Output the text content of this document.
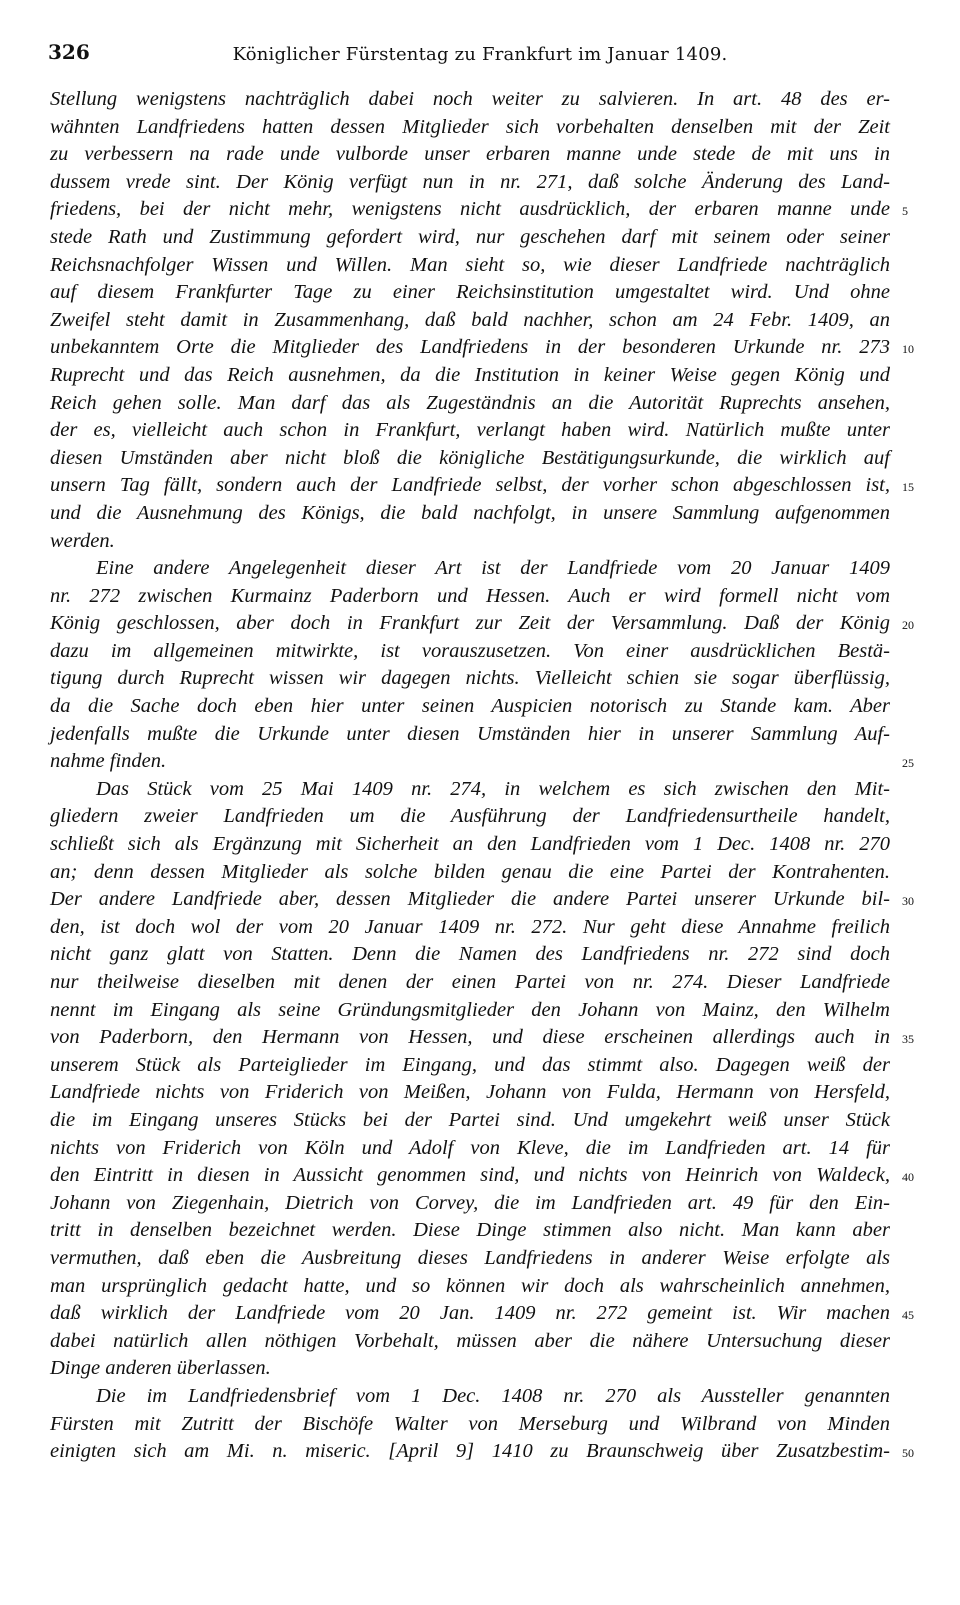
326	Königlicher Fürstentag zu Frankfurt im Januar 1409.
Stellung wenigstens nachträglich dabei noch weiter zu salvieren. In art. 48 des er-
wähnten Landfriedens hatten dessen Mitglieder sich vorbehalten denselben mit der Zeit
zu verbessern na rade unde vulborde unser erbaren manne unde stede de mit uns in
dussem vrede sint. Der König verfügt nun in nr. 271, daß solche Änderung des Land-
friedens, bei der nicht mehr, wenigstens nicht ausdrücklich, der erbaren manne unde 5
stede Rath und Zustimmung gefordert wird, nur geschehen darf mit seinem oder seiner
Reichsnachfolger Wissen und Willen. Man sieht so, wie dieser Landfriede nachträglich
auf diesem Frankfurter Tage zu einer Reichsinstitution umgestaltet wird. Und ohne
Zweifel steht damit in Zusammenhang, daß bald nachher, schon am 24 Febr. 1409, an
unbekanntem Orte die Mitglieder des Landfriedens in der besonderen Urkunde nr. 273 10
Ruprecht und das Reich ausnehmen, da die Institution in keiner Weise gegen König und
Reich gehen solle. Man darf das als Zugeständnis an die Autorität Ruprechts ansehen,
der es, vielleicht auch schon in Frankfurt, verlangt haben wird. Natürlich mußte unter
diesen Umständen aber nicht bloß die königliche Bestätigungsurkunde, die wirklich auf
unsern Tag fällt, sondern auch der Landfriede selbst, der vorher schon abgeschlossen ist, 15
und die Ausnehmung des Königs, die bald nachfolgt, in unsere Sammlung aufgenommen
werden.
Eine andere Angelegenheit dieser Art ist der Landfriede vom 20 Januar 1409
nr. 272 zwischen Kurmainz Paderborn und Hessen. Auch er wird formell nicht vom
König geschlossen, aber doch in Frankfurt zur Zeit der Versammlung. Daß der König 20
dazu im allgemeinen mitwirkte, ist vorauszusetzen. Von einer ausdrücklichen Bestä-
tigung durch Ruprecht wissen wir dagegen nichts. Vielleicht schien sie sogar überflüssig,
da die Sache doch eben hier unter seinen Auspicien notorisch zu Stande kam. Aber
jedenfalls mußte die Urkunde unter diesen Umständen hier in unserer Sammlung Auf-
nahme finden.	25
Das Stück vom 25 Mai 1409 nr. 274, in welchem es sich zwischen den Mit-
gliedern zweier Landfrieden um die Ausführung der Landfriedensurtheile handelt,
schließt sich als Ergänzung mit Sicherheit an den Landfrieden vom 1 Dec. 1408 nr. 270
an; denn dessen Mitglieder als solche bilden genau die eine Partei der Kontrahenten.
Der andere Landfriede aber, dessen Mitglieder die andere Partei unserer Urkunde bil- 30
den, ist doch wol der vom 20 Januar 1409 nr. 272. Nur geht diese Annahme freilich
nicht ganz glatt von Statten. Denn die Namen des Landfriedens nr. 272 sind doch
nur theilweise dieselben mit denen der einen Partei von nr. 274. Dieser Landfriede
nennt im Eingang als seine Gründungsmitglieder den Johann von Mainz, den Wilhelm
von Paderborn, den Hermann von Hessen, und diese erscheinen allerdings auch in 35
unserem Stück als Parteiglieder im Eingang, und das stimmt also. Dagegen weiß der
Landfriede nichts von Friderich von Meißen, Johann von Fulda, Hermann von Hersfeld,
die im Eingang unseres Stücks bei der Partei sind. Und umgekehrt weiß unser Stück
nichts von Friderich von Köln und Adolf von Kleve, die im Landfrieden art. 14 für
den Eintritt in diesen in Aussicht genommen sind, und nichts von Heinrich von Waldeck, 40
Johann von Ziegenhain, Dietrich von Corvey, die im Landfrieden art. 49 für den Ein-
tritt in denselben bezeichnet werden. Diese Dinge stimmen also nicht. Man kann aber
vermuthen, daß eben die Ausbreitung dieses Landfriedens in anderer Weise erfolgte als
man ursprünglich gedacht hatte, und so können wir doch als wahrscheinlich annehmen,
daß wirklich der Landfriede vom 20 Jan. 1409 nr. 272 gemeint ist. Wir machen 45
dabei natürlich allen nöthigen Vorbehalt, müssen aber die nähere Untersuchung dieser
Dinge anderen überlassen.
Die im Landfriedensbrief vom 1 Dec. 1408 nr. 270 als Aussteller genannten
Fürsten mit Zutritt der Bischöfe Walter von Merseburg und Wilbrand von Minden
einigten sich am Mi. n. miseric. [April 9] 1410 zu Braunschweig über Zusatzbestim- 50
